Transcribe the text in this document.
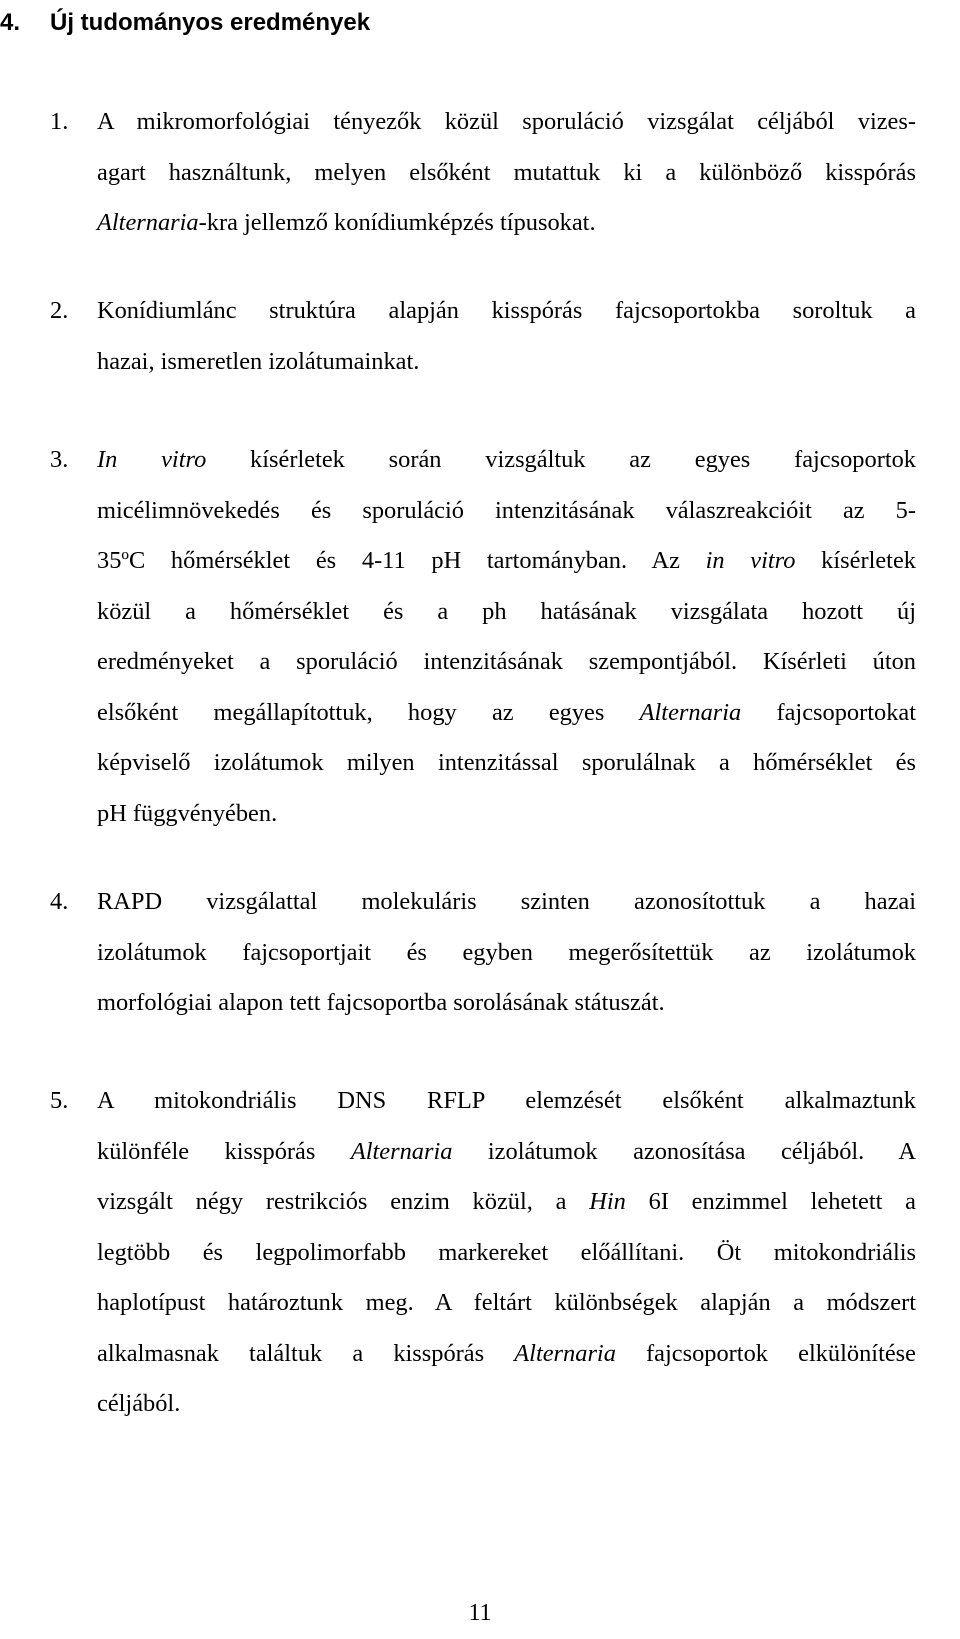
4. Új tudományos eredmények
1.	A mikromorfológiai tényezők közül sporuláció vizsgálat céljából vizes-
agart használtunk, melyen elsőként mutattuk ki a különböző kisspórás
Alternaria-kra jellemző konídiumképzés típusokat.
2.	Konídiumlánc struktúra alapján kisspórás fajcsoportokba soroltuk a
hazai, ismeretlen izolátumainkat.
3.	In vitro kísérletek során vizsgáltuk az egyes fajcsoportok
micélimnövekedés és sporuláció intenzitásának válaszreakcióit az 5-
35ºC hőmérséklet és 4-11 pH tartományban. Az in vitro kísérletek
közül a hőmérséklet és a ph hatásának vizsgálata hozott új
eredményeket a sporuláció intenzitásának szempontjából. Kísérleti úton
elsőként megállapítottuk, hogy az egyes Alternaria fajcsoportokat
képviselő izolátumok milyen intenzitással sporulálnak a hőmérséklet és
pH függvényében.
4.	RAPD vizsgálattal molekuláris szinten azonosítottuk a hazai
izolátumok fajcsoportjait és egyben megerősítettük az izolátumok
morfológiai alapon tett fajcsoportba sorolásának státuszát.
5.	A mitokondriális DNS RFLP elemzését elsőként alkalmaztunk
különféle kisspórás Alternaria izolátumok azonosítása céljából. A
vizsgált négy restrikciós enzim közül, a Hin 6I enzimmel lehetett a
legtöbb és legpolimorfabb markereket előállítani. Öt mitokondriális
haplotípust határoztunk meg. A feltárt különbségek alapján a módszert
alkalmasnak találtuk a kisspórás Alternaria fajcsoportok elkülönítése
céljából.
11
